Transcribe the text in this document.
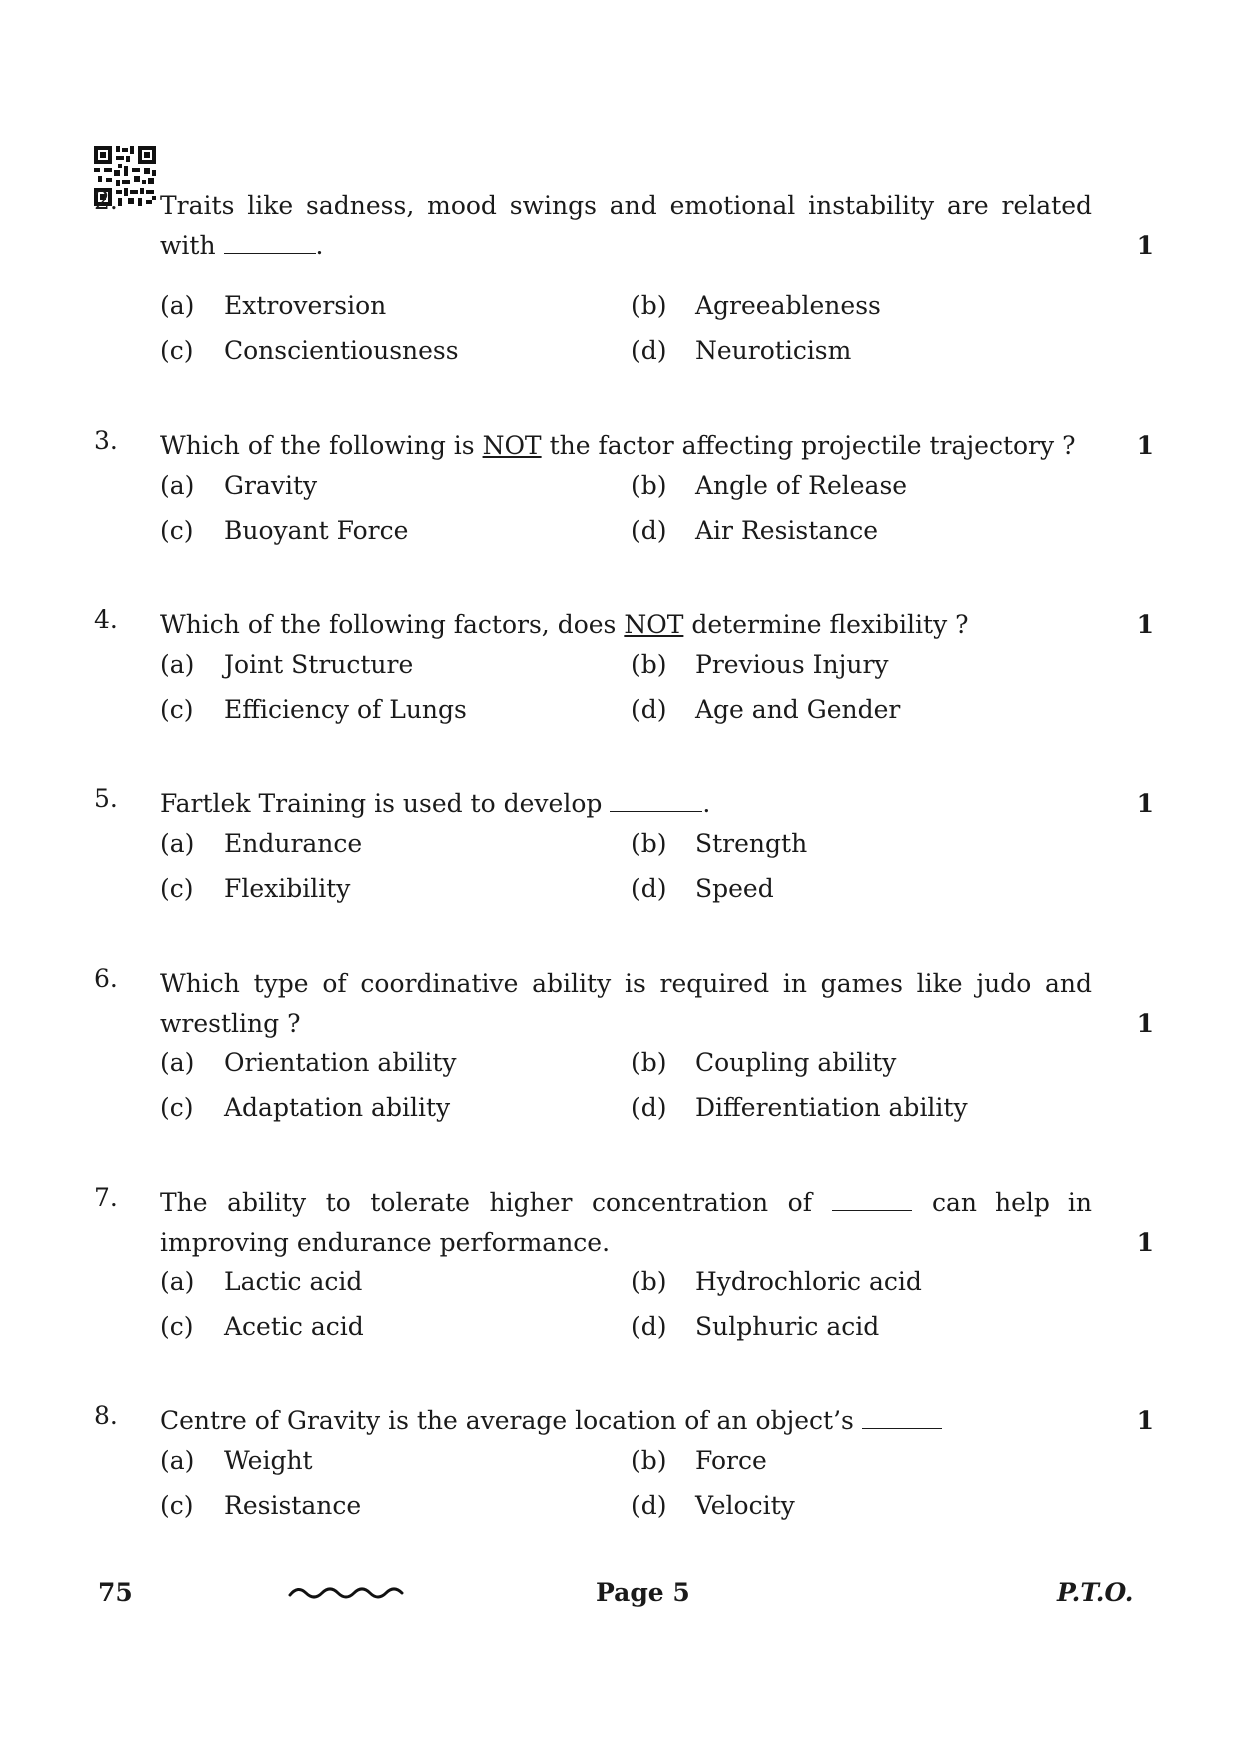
2.	Traits like sadness, mood swings and emotional instability are related
with	.	1
(a)	Extroversion	(b)	Agreeableness
(c)	Conscientiousness	(d)	Neuroticism
3.	Which of the following is NOT the factor affecting projectile trajectory ?	1
(a)	Gravity	(b)	Angle of Release
(c)	Buoyant Force	(d)	Air Resistance
4.	Which of the following factors, does NOT determine flexibility ?	1
(a)	Joint Structure	(b)	Previous Injury
(c)	Efficiency of Lungs	(d)	Age and Gender
5.	Fartlek Training is used to develop	.	1
(a)	Endurance	(b)	Strength
(c)	Flexibility	(d)	Speed
6.	Which type of coordinative ability is required in games like judo and
wrestling ?	1
(a)	Orientation ability	(b)	Coupling ability
(c)	Adaptation ability	(d)	Differentiation ability
7.	The ability to tolerate higher concentration of	can help in
improving endurance performance.	1
(a)	Lactic acid	(b)	Hydrochloric acid
(c)	Acetic acid	(d)	Sulphuric acid
8.	Centre of Gravity is the average location of an object’s	1
(a)	Weight	(b)	Force
(c)	Resistance	(d)	Velocity
75	Page 5	P.T.O.
